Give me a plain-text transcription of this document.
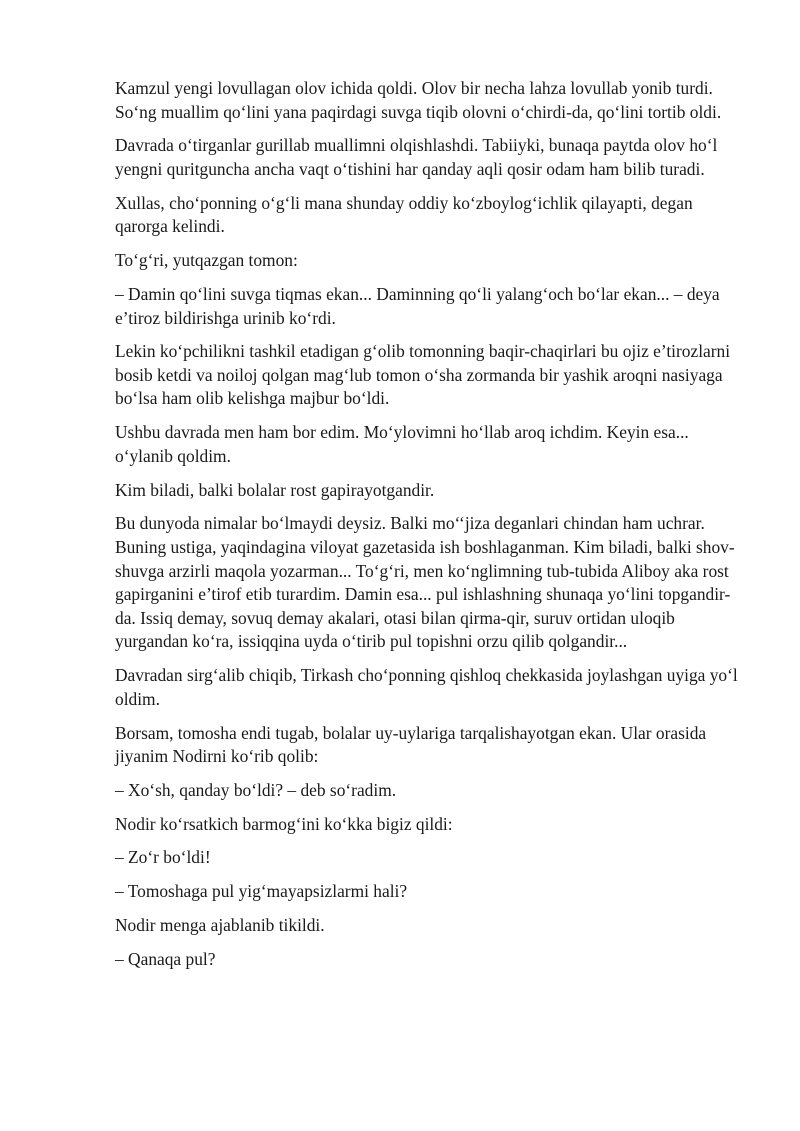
Kamzul yengi lovullagan olov ichida qoldi. Olov bir necha lahza lovullab yonib turdi. So‘ng muallim qo‘lini yana paqirdagi suvga tiqib olovni o‘chirdi-da, qo‘lini tortib oldi.

Davrada o‘tirganlar gurillab muallimni olqishlashdi. Tabiiyki, bunaqa paytda olov ho‘l yengni quritguncha ancha vaqt o‘tishini har qanday aqli qosir odam ham bilib turadi.

Xullas, cho‘ponning o‘g‘li mana shunday oddiy ko‘zboylog‘ichlik qilayapti, degan qarorga kelindi.

To‘g‘ri, yutqazgan tomon:

– Damin qo‘lini suvga tiqmas ekan... Daminning qo‘li yalang‘och bo‘lar ekan... – deya e’tiroz bildirishga urinib ko‘rdi.

Lekin ko‘pchilikni tashkil etadigan g‘olib tomonning baqir-chaqirlari bu ojiz e’tirozlarni bosib ketdi va noiloj qolgan mag‘lub tomon o‘sha zormanda bir yashik aroqni nasiyaga bo‘lsa ham olib kelishga majbur bo‘ldi.

Ushbu davrada men ham bor edim. Mo‘ylovimni ho‘llab aroq ichdim. Keyin esa... o‘ylanib qoldim.

Kim biladi, balki bolalar rost gapirayotgandir.

Bu dunyoda nimalar bo‘lmaydi deysiz. Balki mo‘‘jiza deganlari chindan ham uchrar. Buning ustiga, yaqindagina viloyat gazetasida ish boshlaganman. Kim biladi, balki shov-shuvga arzirli maqola yozarman... To‘g‘ri, men ko‘nglimning tub-tubida Aliboy aka rost gapirganini e’tirof etib turardim. Damin esa... pul ishlashning shunaqa yo‘lini topgandir-da. Issiq demay, sovuq demay akalari, otasi bilan qirma-qir, suruv ortidan uloqib yurgandan ko‘ra, issiqqina uyda o‘tirib pul topishni orzu qilib qolgandir...

Davradan sirg‘alib chiqib, Tirkash cho‘ponning qishloq chekkasida joylashgan uyiga yo‘l oldim.

Borsam, tomosha endi tugab, bolalar uy-uylariga tarqalishayotgan ekan. Ular orasida jiyanim Nodirni ko‘rib qolib:

– Xo‘sh, qanday bo‘ldi? – deb so‘radim.

Nodir ko‘rsatkich barmog‘ini ko‘kka bigiz qildi:

– Zo‘r bo‘ldi!

– Tomoshaga pul yig‘mayapsizlarmi hali?

Nodir menga ajablanib tikildi.

– Qanaqa pul?
